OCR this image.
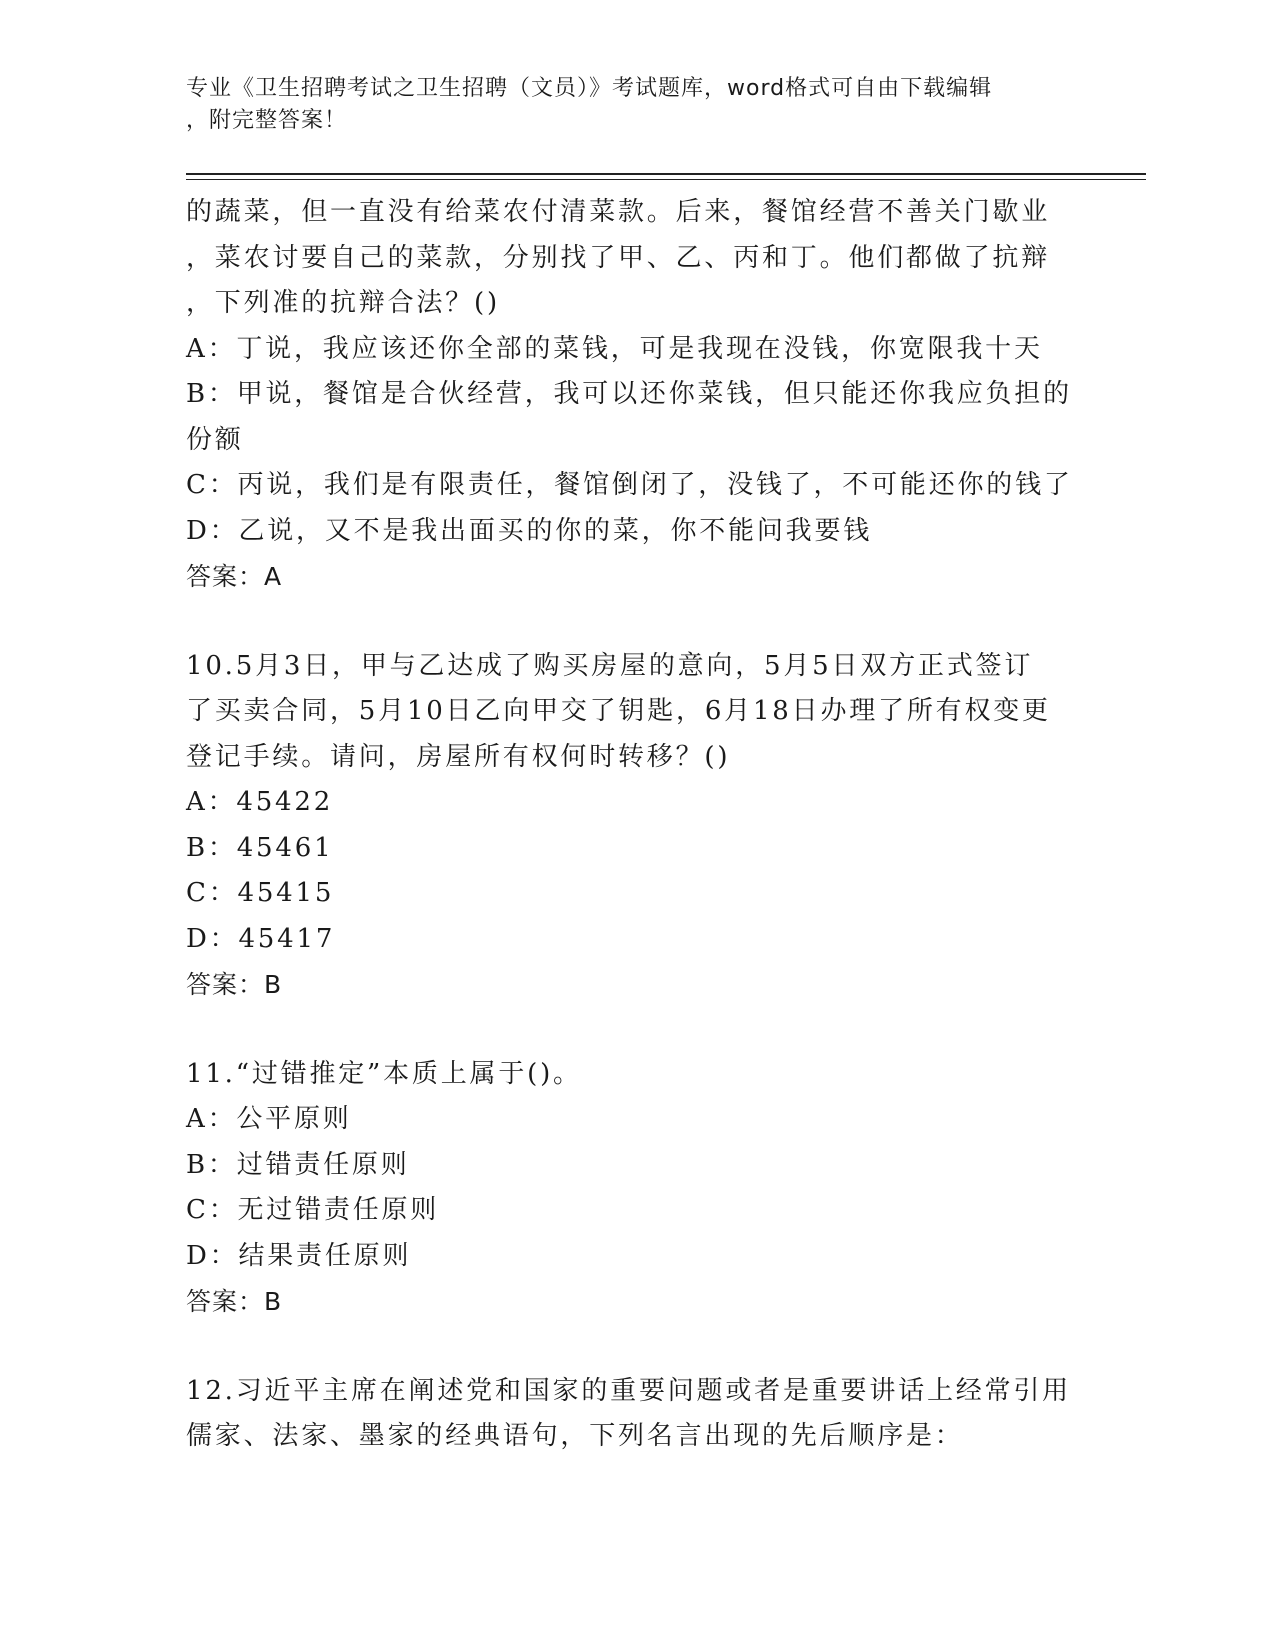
专业《卫生招聘考试之卫生招聘（文员）》考试题库，word格式可自由下载编辑
，附完整答案！
的蔬菜，但一直没有给菜农付清菜款。后来，餐馆经营不善关门歇业
，菜农讨要自己的菜款，分别找了甲、乙、丙和丁。他们都做了抗辩
，下列准的抗辩合法？()
A：丁说，我应该还你全部的菜钱，可是我现在没钱，你宽限我十天
B：甲说，餐馆是合伙经营，我可以还你菜钱，但只能还你我应负担的
份额
C：丙说，我们是有限责任，餐馆倒闭了，没钱了，不可能还你的钱了
D：乙说，又不是我出面买的你的菜，你不能问我要钱
答案：A
10.5月3日，甲与乙达成了购买房屋的意向，5月5日双方正式签订
了买卖合同，5月10日乙向甲交了钥匙，6月18日办理了所有权变更
登记手续。请问，房屋所有权何时转移？()
A：45422
B：45461
C：45415
D：45417
答案：B
11.“过错推定”本质上属于()。
A：公平原则
B：过错责任原则
C：无过错责任原则
D：结果责任原则
答案：B
12.习近平主席在阐述党和国家的重要问题或者是重要讲话上经常引用
儒家、法家、墨家的经典语句，下列名言出现的先后顺序是：
